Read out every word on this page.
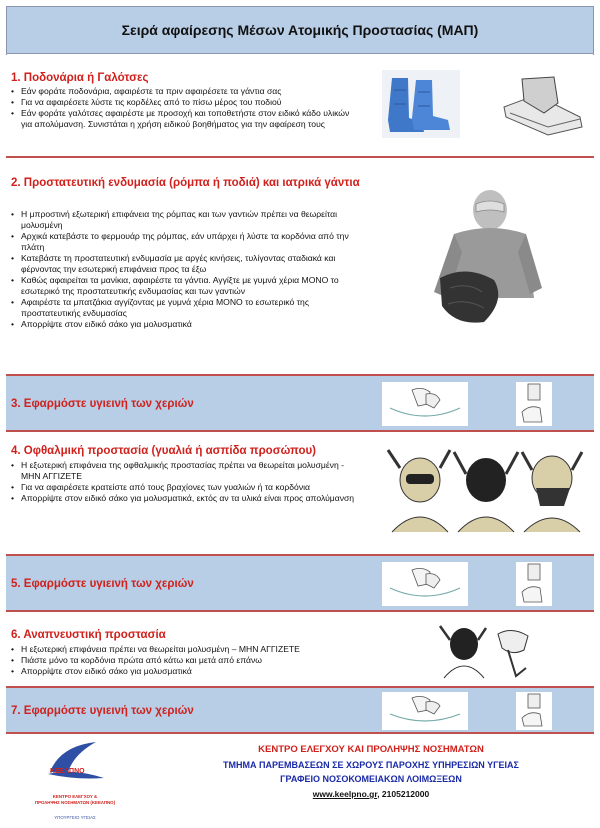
Σειρά αφαίρεσης Μέσων Ατομικής Προστασίας (ΜΑΠ)
1. Ποδονάρια ή Γαλότσες
• Εάν φοράτε ποδονάρια, αφαιρέστε τα πριν αφαιρέσετε τα γάντια σας
• Για να αφαιρέσετε λύστε τις κορδέλες από το πίσω μέρος του ποδιού
• Εάν φοράτε γαλότσες αφαιρέστε με προσοχή και τοποθετήστε στον ειδικό κάδο υλικών για απολύμανση. Συνιστάται η χρήση ειδικού βοηθήματος για την αφαίρεση τους
2. Προστατευτική ενδυμασία (ρόμπα ή ποδιά) και ιατρικά γάντια
• Η μπροστινή εξωτερική επιφάνεια της ρόμπας και των γαντιών πρέπει να θεωρείται μολυσμένη
• Αρχικά κατεβάστε το φερμουάρ της ρόμπας, εάν υπάρχει ή λύστε τα κορδόνια από την πλάτη
• Κατεβάστε τη προστατευτική ενδυμασία με αργές κινήσεις, τυλίγοντας σταδιακά και φέρνοντας την εσωτερική επιφάνεια προς τα έξω
• Καθώς αφαιρείται τα μανίκια, αφαιρέστε τα γάντια. Αγγίξτε με γυμνά χέρια ΜΟΝΟ το εσωτερικό της προστατευτικής ενδυμασίας και των γαντιών
• Αφαιρέστε τα μπατζάκια αγγίζοντας με γυμνά χέρια ΜΟΝΟ το εσωτερικό της προστατευτικής ενδυμασίας
• Απορρίψτε στον ειδικό σάκο για μολυσματικά
3. Εφαρμόστε υγιεινή των χεριών
4. Οφθαλμική προστασία (γυαλιά ή ασπίδα προσώπου)
• Η εξωτερική επιφάνεια της οφθαλμικής προστασίας πρέπει να θεωρείται μολυσμένη - ΜΗΝ ΑΓΓΙΖΕΤΕ
• Για να αφαιρέσετε κρατείστε από τους βραχίονες των γυαλιών ή τα κορδόνια
• Απορρίψτε στον ειδικό σάκο για μολυσματικά, εκτός αν τα υλικά είναι προς απολύμανση
5. Εφαρμόστε υγιεινή των χεριών
6. Αναπνευστική προστασία
• Η εξωτερική επιφάνεια πρέπει να θεωρείται μολυσμένη – ΜΗΝ ΑΓΓΙΖΕΤΕ
• Πιάστε μόνο τα κορδόνια πρώτα από κάτω και μετά από επάνω
• Απορρίψτε στον ειδικό σάκο για μολυσματικά
7. Εφαρμόστε υγιεινή των χεριών
ΚΕΕΛΠΝΟ
ΚΕΝΤΡΟ ΕΛΕΓΧΟΥ &
ΠΡΟΛΗΨΗΣ ΝΟΣΗΜΑΤΩΝ (ΚΕΕΛΠΝΟ)
ΥΠΟΥΡΓΕΙΟ ΥΓΕΙΑΣ
ΚΕΝΤΡΟ ΕΛΕΓΧΟΥ ΚΑΙ ΠΡΟΛΗΨΗΣ ΝΟΣΗΜΑΤΩΝ
ΤΜΗΜΑ ΠΑΡΕΜΒΑΣΕΩΝ ΣΕ ΧΩΡΟΥΣ ΠΑΡΟΧΗΣ ΥΠΗΡΕΣΙΩΝ ΥΓΕΙΑΣ
ΓΡΑΦΕΙΟ ΝΟΣΟΚΟΜΕΙΑΚΩΝ ΛΟΙΜΩΞΕΩΝ
www.keelpno.gr, 2105212000
